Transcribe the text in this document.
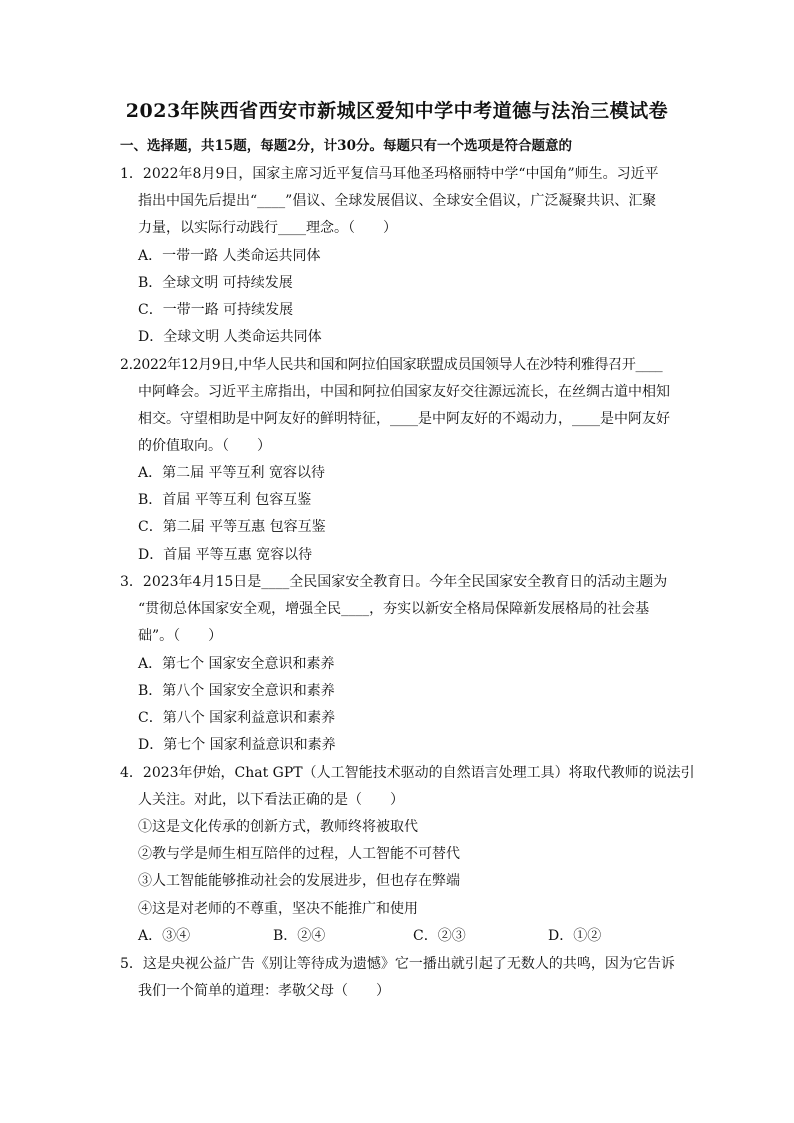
2023年陕西省西安市新城区爱知中学中考道德与法治三模试卷
一、选择题，共15题，每题2分，计30分。每题只有一个选项是符合题意的
1．2022年8月9日，国家主席习近平复信马耳他圣玛格丽特中学“中国角”师生。习近平
指出中国先后提出“____”倡议、全球发展倡议、全球安全倡议，广泛凝聚共识、汇聚
力量，以实际行动践行____理念。（　　）
A．一带一路 人类命运共同体
B．全球文明 可持续发展
C．一带一路 可持续发展
D．全球文明 人类命运共同体
2.2022年12月9日,中华人民共和国和阿拉伯国家联盟成员国领导人在沙特利雅得召开____
中阿峰会。习近平主席指出，中国和阿拉伯国家友好交往源远流长，在丝绸古道中相知
相交。守望相助是中阿友好的鲜明特征，____是中阿友好的不竭动力，____是中阿友好
的价值取向。（　　）
A．第二届 平等互利 宽容以待
B．首届 平等互利 包容互鉴
C．第二届 平等互惠 包容互鉴
D．首届 平等互惠 宽容以待
3．2023年4月15日是____全民国家安全教育日。今年全民国家安全教育日的活动主题为
“贯彻总体国家安全观，增强全民____，夯实以新安全格局保障新发展格局的社会基
础”。（　　）
A．第七个 国家安全意识和素养
B．第八个 国家安全意识和素养
C．第八个 国家利益意识和素养
D．第七个 国家利益意识和素养
4．2023年伊始，Chat GPT（人工智能技术驱动的自然语言处理工具）将取代教师的说法引
人关注。对此，以下看法正确的是（　　）
①这是文化传承的创新方式，教师终将被取代
②教与学是师生相互陪伴的过程，人工智能不可替代
③人工智能能够推动社会的发展进步，但也存在弊端
④这是对老师的不尊重，坚决不能推广和使用
A．③④	B．②④	C．②③	D．①②
5．这是央视公益广告《别让等待成为遗憾》它一播出就引起了无数人的共鸣，因为它告诉
我们一个简单的道理：孝敬父母（　　）
